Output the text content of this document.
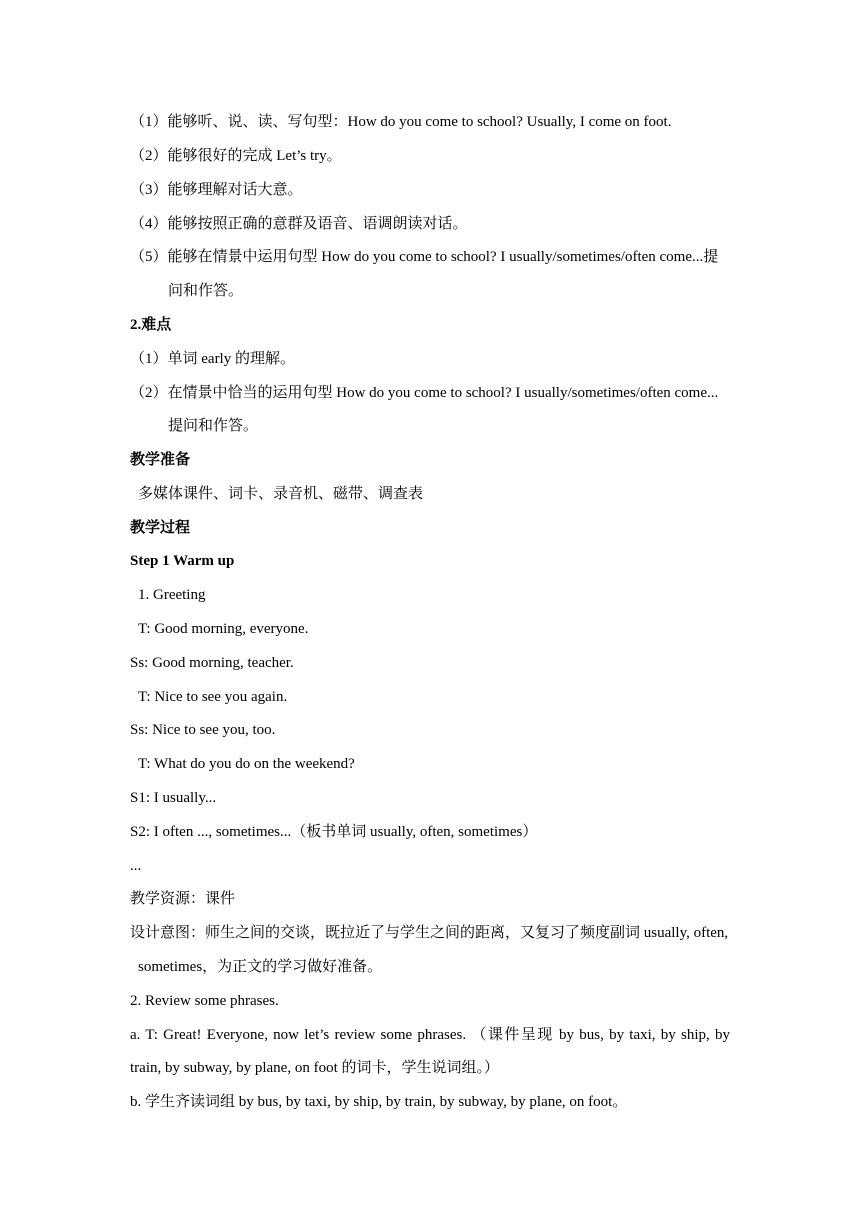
（1）能够听、说、读、写句型：How do you come to school? Usually, I come on foot.
（2）能够很好的完成 Let’s try。
（3）能够理解对话大意。
（4）能够按照正确的意群及语音、语调朗读对话。
（5）能够在情景中运用句型 How do you come to school? I usually/sometimes/often come...提
问和作答。
2.难点
（1）单词 early 的理解。
（2）在情景中恰当的运用句型 How do you come to school? I usually/sometimes/often come...
提问和作答。
教学准备
多媒体课件、词卡、录音机、磁带、调查表
教学过程
Step 1 Warm up
1. Greeting
T: Good morning, everyone.
Ss: Good morning, teacher.
T: Nice to see you again.
Ss: Nice to see you, too.
T: What do you do on the weekend?
S1: I usually...
S2: I often ..., sometimes...（板书单词 usually, often, sometimes）
...
教学资源：课件
设计意图：师生之间的交谈，既拉近了与学生之间的距离，又复习了频度副词 usually, often,
sometimes，为正文的学习做好准备。
2. Review some phrases.
a. T: Great! Everyone, now let’s review some phrases. （课件呈现 by bus, by taxi, by ship, by
train, by subway, by plane, on foot 的词卡，学生说词组。）
b. 学生齐读词组 by bus, by taxi, by ship, by train, by subway, by plane, on foot。
